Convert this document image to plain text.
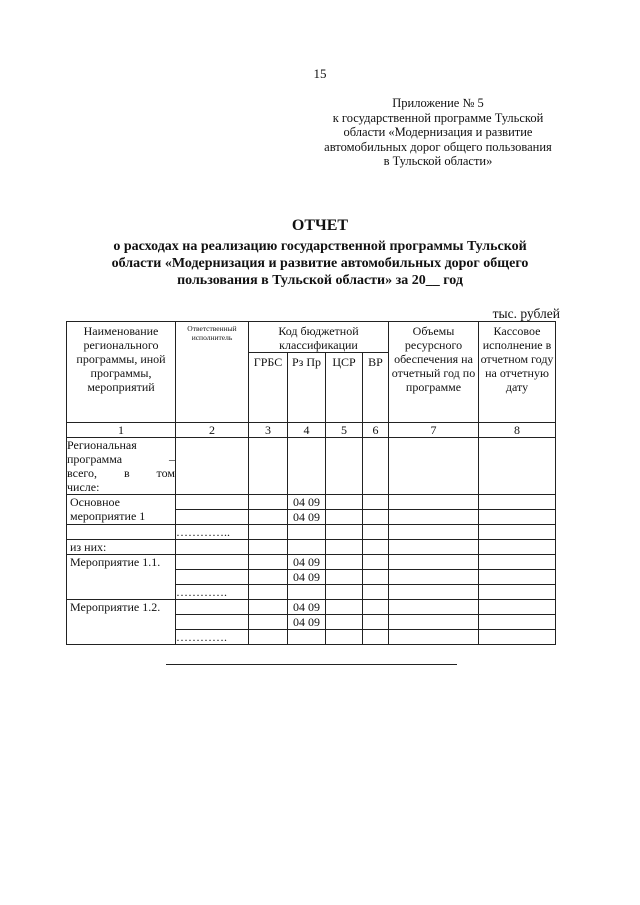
15
Приложение № 5
к государственной программе Тульской
области «Модернизация и развитие
автомобильных дорог общего пользования
в Тульской области»
ОТЧЕТ
о расходах на реализацию государственной программы Тульской
области «Модернизация и развитие автомобильных дорог общего
пользования в Тульской области» за 20__ год
тыс. рублей
Наименование регионального программы, иной программы, мероприятий	Ответственный исполнитель	Код бюджетной классификации				Объемы ресурсного обеспечения на отчетный год по программе	Кассовое исполнение в отчетном году на отчетную дату
		ГРБС	Рз Пр	ЦСР	ВР		
1	2	3	4	5	6	7	8

Региональная
программа –
всего, в том
числе:							

Основное мероприятие 1			04 09				
			04 09				
	…………..						
из них:							
Мероприятие 1.1.			04 09				
			04 09				
	………….						
Мероприятие 1.2.			04 09				
			04 09				
	………….						
